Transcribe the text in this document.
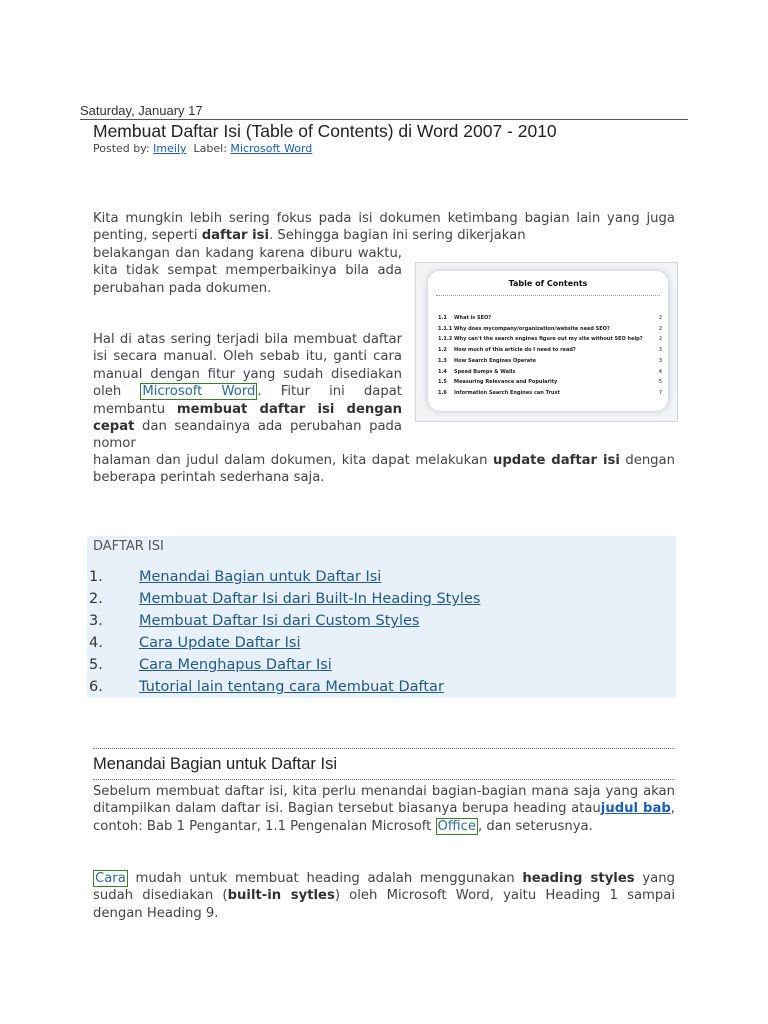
Saturday, January 17
Membuat Daftar Isi (Table of Contents) di Word 2007 - 2010
Posted by: Imeily Label: Microsoft Word
Kita mungkin lebih sering fokus pada isi dokumen ketimbang bagian lain yang juga penting, seperti daftar isi. Sehingga bagian ini sering dikerjakan
belakangan dan kadang karena diburu waktu, kita tidak sempat memperbaikinya bila ada perubahan pada dokumen.	Table of Contents
1.1 What is SEO?	2
1.1.1 Why does mycompany/organization/website need SEO?	2
1.1.2 Why can't the search engines figure out my site without SEO help?	2
1.2 How much of this article do I need to read?	3
1.3 How Search Engines Operate	3
1.4 Speed Bumps & Walls	4
1.5 Measuring Relevance and Popularity	5
1.6 Information Search Engines can Trust	7
Hal di atas sering terjadi bila membuat daftar isi secara manual. Oleh sebab itu, ganti cara manual dengan fitur yang sudah disediakan oleh Microsoft Word . Fitur ini dapat membantu membuat daftar isi dengan cepat dan seandainya ada perubahan pada nomor
halaman dan judul dalam dokumen, kita dapat melakukan update daftar isi dengan beberapa perintah sederhana saja.
DAFTAR ISI
1. Menandai Bagian untuk Daftar Isi
2. Membuat Daftar Isi dari Built-In Heading Styles
3. Membuat Daftar Isi dari Custom Styles
4. Cara Update Daftar Isi
5. Cara Menghapus Daftar Isi
6. Tutorial lain tentang cara Membuat Daftar
Menandai Bagian untuk Daftar Isi
Sebelum membuat daftar isi, kita perlu menandai bagian-bagian mana saja yang akan ditampilkan dalam daftar isi. Bagian tersebut biasanya berupa heading ataujudul bab, contoh: Bab 1 Pengantar, 1.1 Pengenalan Microsoft Office , dan seterusnya.
Cara mudah untuk membuat heading adalah menggunakan heading styles yang sudah disediakan (built-in sytles) oleh Microsoft Word, yaitu Heading 1 sampai dengan Heading 9.
